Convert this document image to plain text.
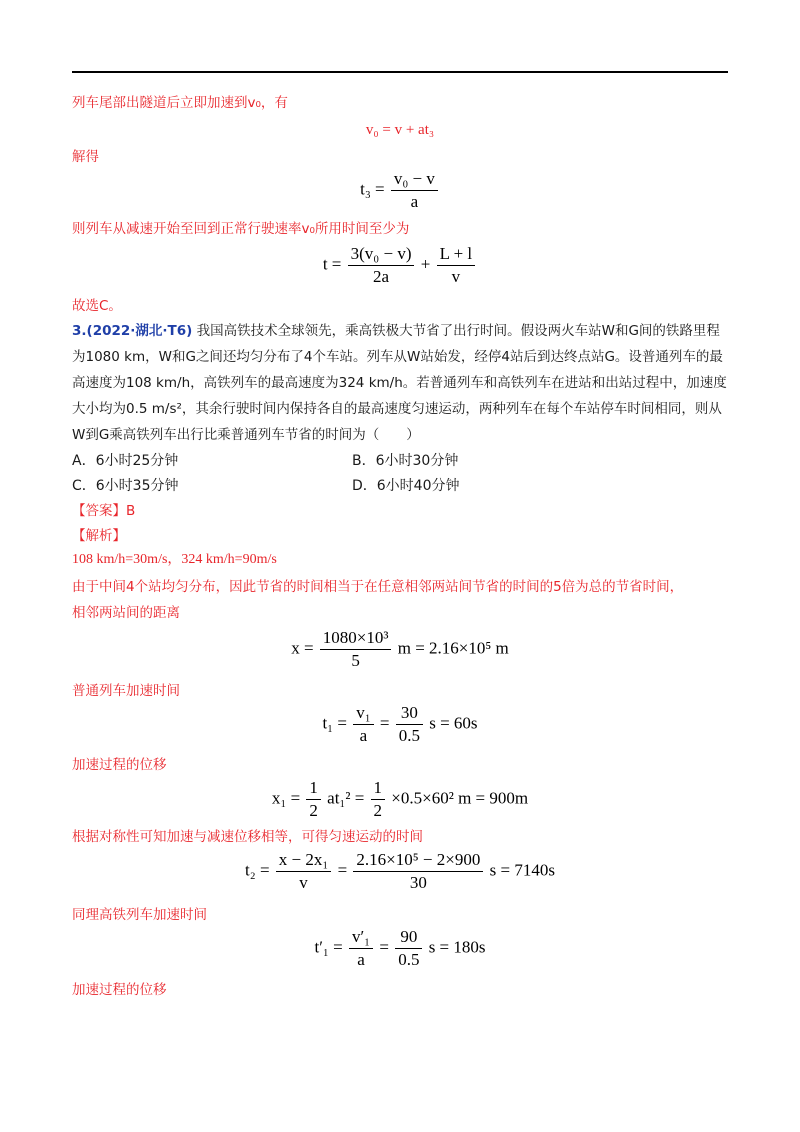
列车尾部出隧道后立即加速到v₀，有
v₀ = v + at₃
解得
$t_3 = \frac{\text{v₀ − v}}{a}$
则列车从减速开始至回到正常行驶速率v₀所用时间至少为
$t = \frac{\text{3(v₀ − v)}}{2a} + \frac{L + l}{v}$
故选C。
3.(2022·湖北·T6) 我国高铁技术全球领先，乘高铁极大节省了出行时间。假设两火车站W和G间的铁路里程为1080 km，W和G之间还均匀分布了4个车站。列车从W站始发，经停4站后到达终点站G。设普通列车的最高速度为108 km/h，高铁列车的最高速度为324 km/h。若普通列车和高铁列车在进站和出站过程中，加速度大小均为0.5 m/s²，其余行驶时间内保持各自的最高速度匀速运动，两种列车在每个车站停车时间相同，则从W到G乘高铁列车出行比乘普通列车节省的时间为（　　）
A．6小时25分钟	B．6小时30分钟
C．6小时35分钟	D．6小时40分钟
【答案】B
【解析】
108 km/h=30m/s，324 km/h=90m/s
由于中间4个站均匀分布，因此节省的时间相当于在任意相邻两站间节省的时间的5倍为总的节省时间，
相邻两站间的距离
$x = \frac{\text{1080×10³}}{5}$ m = 2.16×10⁵ m
普通列车加速时间
$t_1 = \frac{\text{v₁}}{a} = \frac{30}{0.5}$ s = 60s
加速过程的位移
$x_1 = \frac{1}{2} at_1^2 = \frac{1}{2} \times 0.5\times 60^2$ m = 900m
根据对称性可知加速与减速位移相等，可得匀速运动的时间
$t_2 = \frac{\text{x − 2x₁}}{v} = \frac{\text{2.16×10⁵ − 2×900}}{30}$ s = 7140s
同理高铁列车加速时间
$t'_1 = \frac{\text{v′₁}}{a} = \frac{90}{0.5}$ s = 180s
加速过程的位移
